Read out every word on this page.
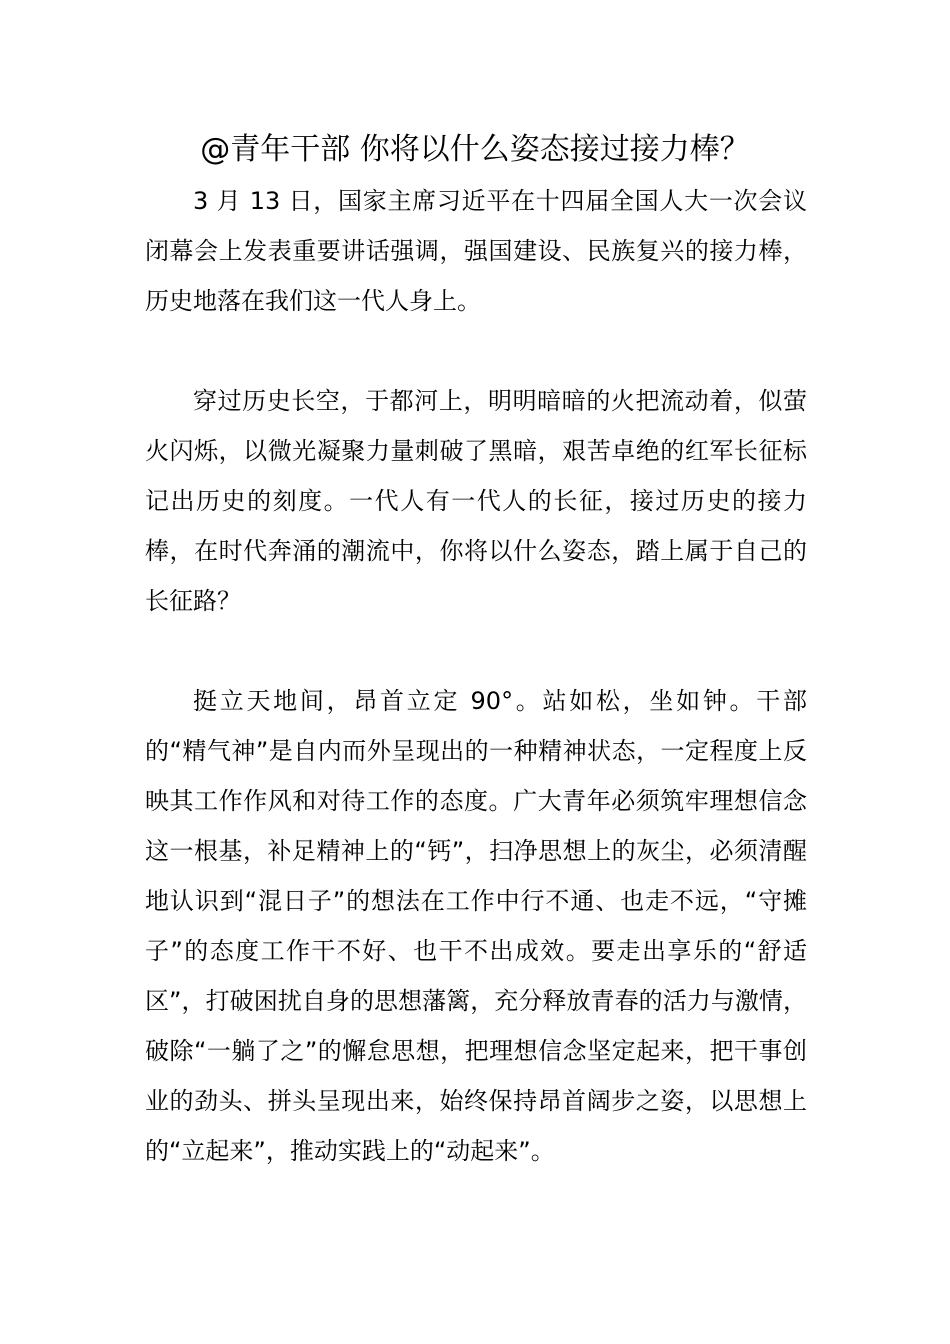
@青年干部 你将以什么姿态接过接力棒？

3 月 13 日，国家主席习近平在十四届全国人大一次会议闭幕会上发表重要讲话强调，强国建设、民族复兴的接力棒，历史地落在我们这一代人身上。

穿过历史长空，于都河上，明明暗暗的火把流动着，似萤火闪烁，以微光凝聚力量刺破了黑暗，艰苦卓绝的红军长征标记出历史的刻度。一代人有一代人的长征，接过历史的接力棒，在时代奔涌的潮流中，你将以什么姿态，踏上属于自己的长征路？

挺立天地间，昂首立定 90°。站如松，坐如钟。干部的“精气神”是自内而外呈现出的一种精神状态，一定程度上反映其工作作风和对待工作的态度。广大青年必须筑牢理想信念这一根基，补足精神上的“钙”，扫净思想上的灰尘，必须清醒地认识到“混日子”的想法在工作中行不通、也走不远，“守摊子”的态度工作干不好、也干不出成效。要走出享乐的“舒适区”，打破困扰自身的思想藩篱，充分释放青春的活力与激情，破除“一躺了之”的懈怠思想，把理想信念坚定起来，把干事创业的劲头、拼头呈现出来，始终保持昂首阔步之姿，以思想上的“立起来”，推动实践上的“动起来”。
